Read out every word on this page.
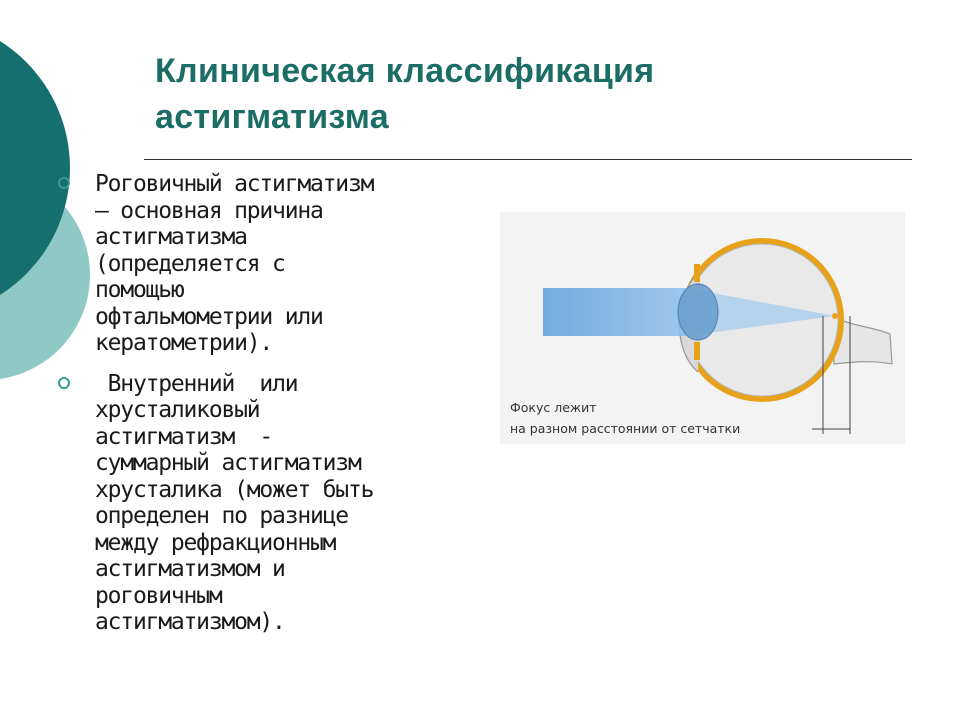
Клиническая классификация
астигматизма

Роговичный астигматизм
– основная причина
астигматизма
(определяется с
помощью
офтальмометрии или
кератометрии).

Внутренний  или
хрусталиковый
астигматизм  -
суммарный астигматизм
хрусталика (может быть
определен по разнице
между рефракционным
астигматизмом и
роговичным
астигматизмом).

Фокус лежит
на разном расстоянии от сетчатки
